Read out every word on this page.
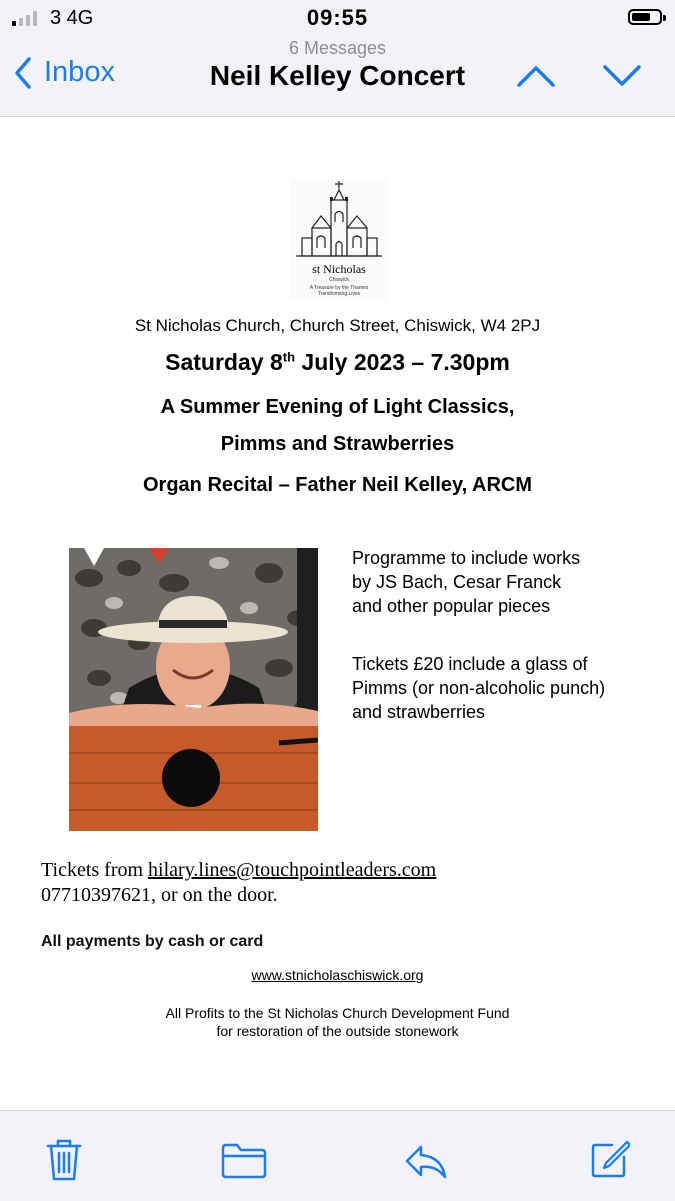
3 4G	09:55
6 Messages
Inbox	Neil Kelley Concert
st Nicholas
Chiswick
A Treasure by the Thames
Transforming Lives
St Nicholas Church, Church Street, Chiswick, W4 2PJ
Saturday 8th July 2023 – 7.30pm
A Summer Evening of Light Classics,
Pimms and Strawberries
Organ Recital – Father Neil Kelley, ARCM
Programme to include works
by JS Bach, Cesar Franck
and other popular pieces
Tickets £20 include a glass of
Pimms (or non-alcoholic punch)
and strawberries
Tickets from hilary.lines@touchpointleaders.com
07710397621, or on the door.
All payments by cash or card
www.stnicholaschiswick.org
All Profits to the St Nicholas Church Development Fund
for restoration of the outside stonework
